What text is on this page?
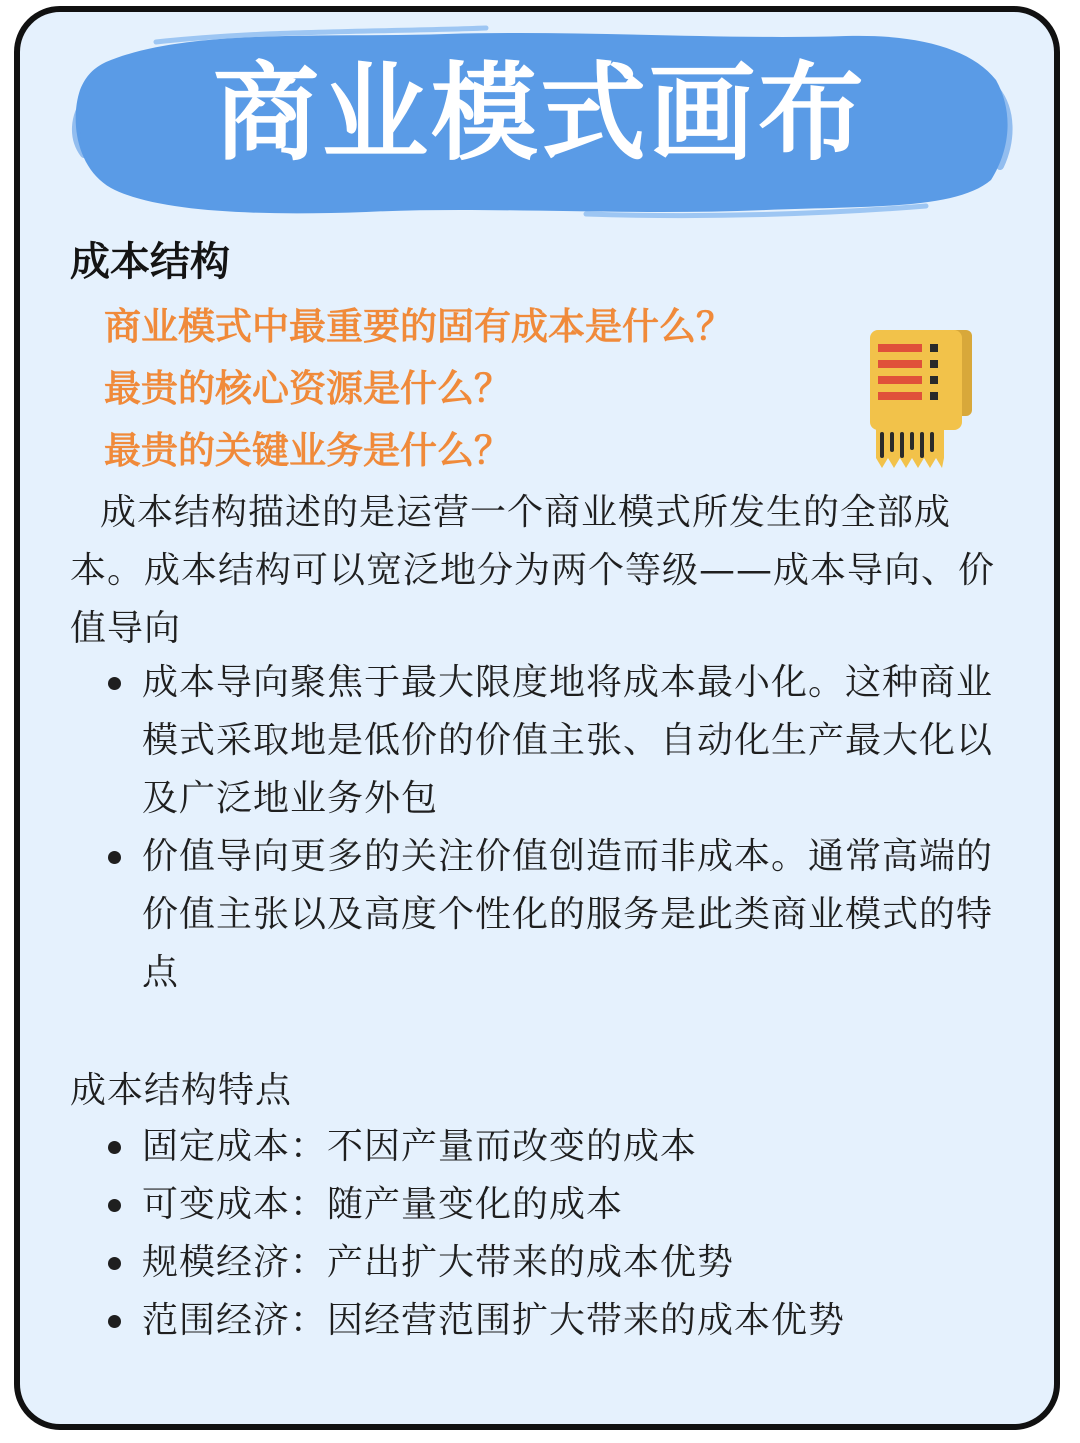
商业模式画布
成本结构
商业模式中最重要的固有成本是什么？
最贵的核心资源是什么？
最贵的关键业务是什么？
成本结构描述的是运营一个商业模式所发生的全部成本。成本结构可以宽泛地分为两个等级——成本导向、价值导向
成本导向聚焦于最大限度地将成本最小化。这种商业模式采取地是低价的价值主张、自动化生产最大化以及广泛地业务外包
价值导向更多的关注价值创造而非成本。通常高端的价值主张以及高度个性化的服务是此类商业模式的特点
成本结构特点
固定成本：不因产量而改变的成本
可变成本：随产量变化的成本
规模经济：产出扩大带来的成本优势
范围经济：因经营范围扩大带来的成本优势
